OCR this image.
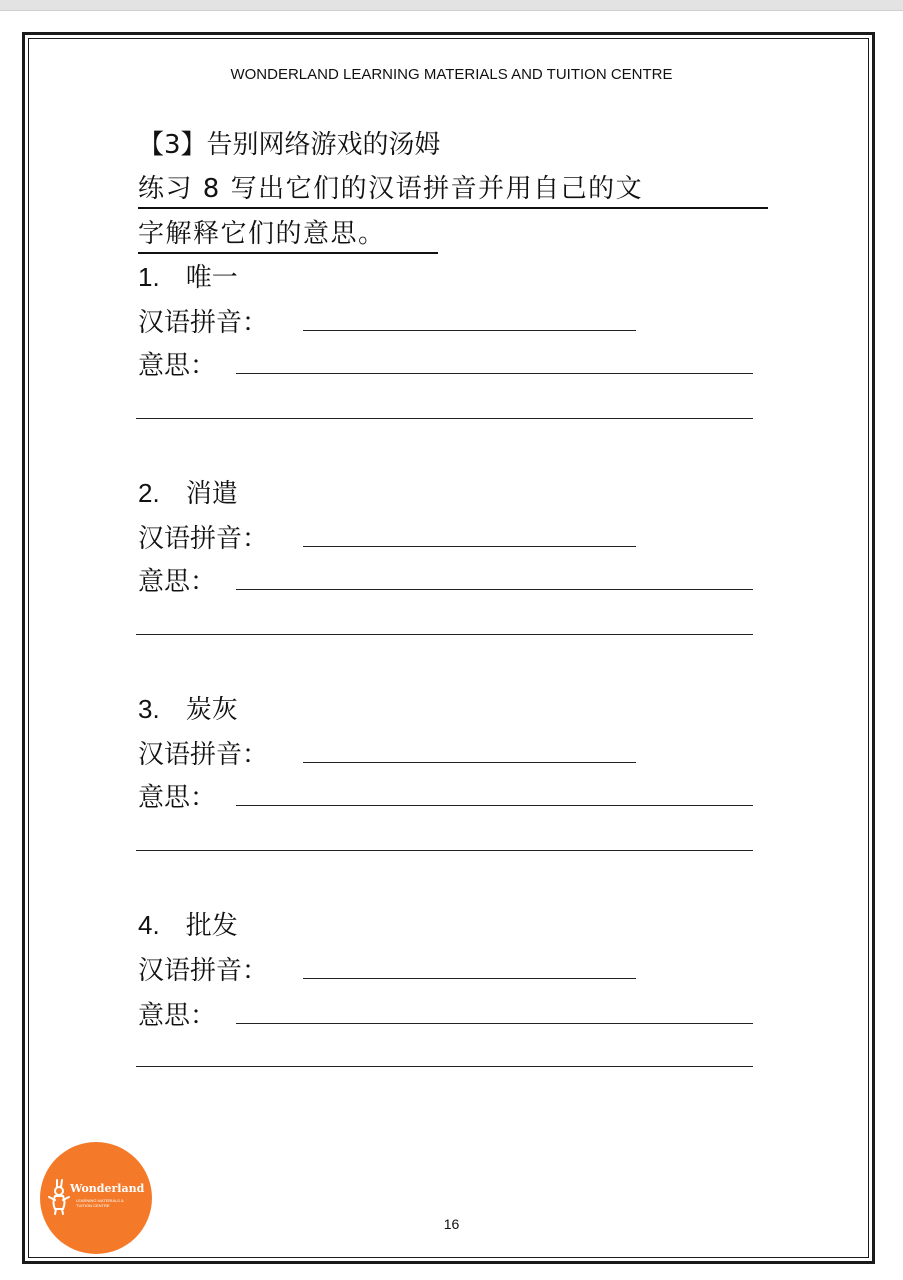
WONDERLAND LEARNING MATERIALS AND TUITION CENTRE
【3】告别网络游戏的汤姆
练习 8 写出它们的汉语拼音并用自己的文
字解释它们的意思。
1. 唯一
汉语拼音：
意思：
2. 消遣
汉语拼音：
意思：
3. 炭灰
汉语拼音：
意思：
4. 批发
汉语拼音：
意思：
Wonderland
LEARNING MATERIALS &
TUITION CENTRE
16
